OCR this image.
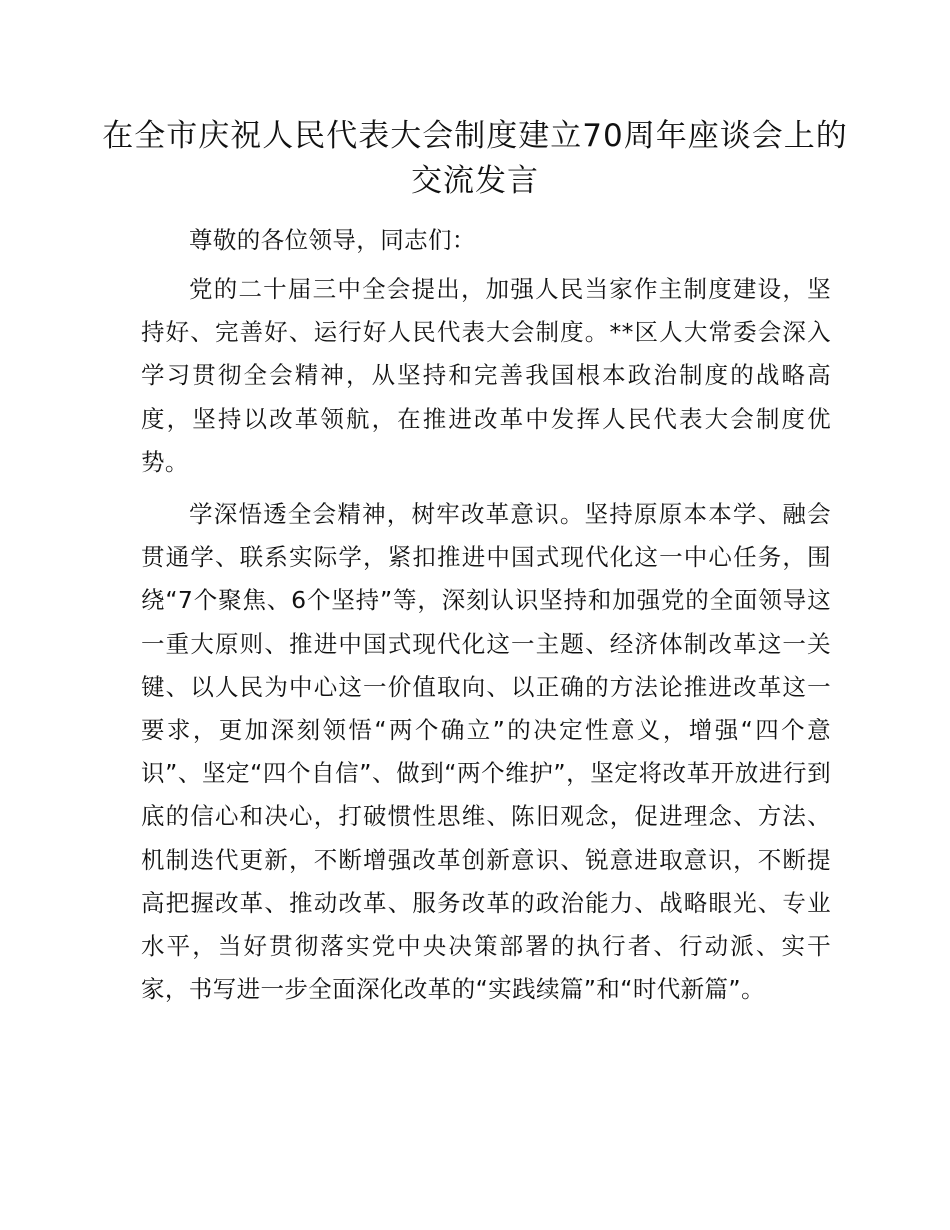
在全市庆祝人民代表大会制度建立70周年座谈会上的交流发言

尊敬的各位领导，同志们：

党的二十届三中全会提出，加强人民当家作主制度建设，坚持好、完善好、运行好人民代表大会制度。**区人大常委会深入学习贯彻全会精神，从坚持和完善我国根本政治制度的战略高度，坚持以改革领航，在推进改革中发挥人民代表大会制度优势。

学深悟透全会精神，树牢改革意识。坚持原原本本学、融会贯通学、联系实际学，紧扣推进中国式现代化这一中心任务，围绕“7个聚焦、6个坚持”等，深刻认识坚持和加强党的全面领导这一重大原则、推进中国式现代化这一主题、经济体制改革这一关键、以人民为中心这一价值取向、以正确的方法论推进改革这一要求，更加深刻领悟“两个确立”的决定性意义，增强“四个意识”、坚定“四个自信”、做到“两个维护”，坚定将改革开放进行到底的信心和决心，打破惯性思维、陈旧观念，促进理念、方法、机制迭代更新，不断增强改革创新意识、锐意进取意识，不断提高把握改革、推动改革、服务改革的政治能力、战略眼光、专业水平，当好贯彻落实党中央决策部署的执行者、行动派、实干家，书写进一步全面深化改革的“实践续篇”和“时代新篇”。
